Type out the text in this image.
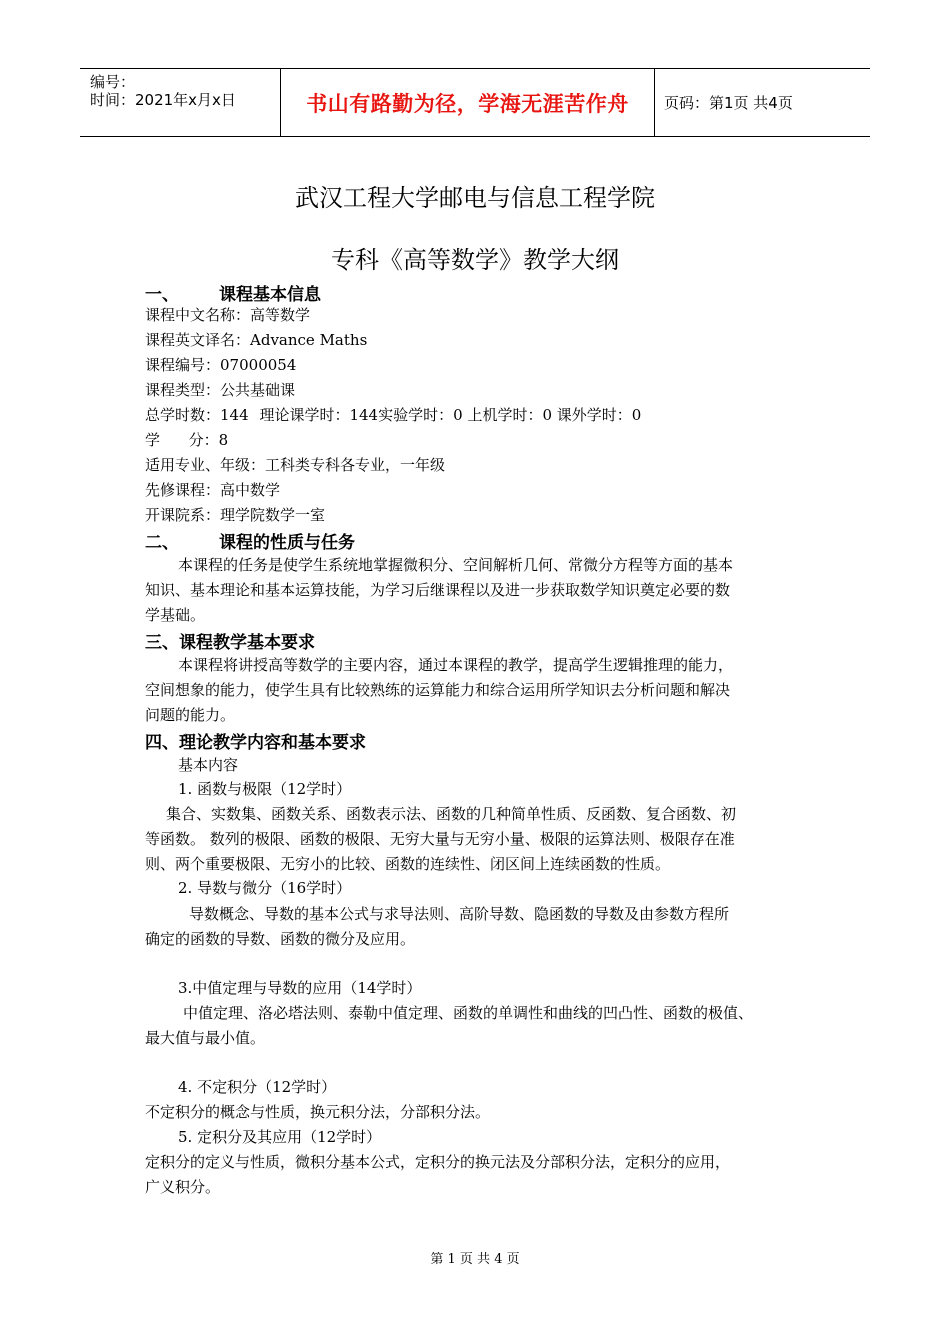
编号：
时间：2021年x月x日	书山有路勤为径，学海无涯苦作舟	页码：第1页 共4页
武汉工程大学邮电与信息工程学院
专科《高等数学》教学大纲
一、 课程基本信息
课程中文名称：高等数学
课程英文译名：Advance Maths
课程编号：07000054
课程类型：公共基础课
总学时数：144 理论课学时：144实验学时：0 上机学时：0 课外学时：0
学      分：8
适用专业、年级：工科类专科各专业，一年级
先修课程：高中数学
开课院系：理学院数学一室
二、 课程的性质与任务
本课程的任务是使学生系统地掌握微积分、空间解析几何、常微分方程等方面的基本
知识、基本理论和基本运算技能，为学习后继课程以及进一步获取数学知识奠定必要的数
学基础。
三、课程教学基本要求
本课程将讲授高等数学的主要内容，通过本课程的教学，提高学生逻辑推理的能力，
空间想象的能力，使学生具有比较熟练的运算能力和综合运用所学知识去分析问题和解决
问题的能力。
四、理论教学内容和基本要求
基本内容
1. 函数与极限（12学时）
集合、实数集、函数关系、函数表示法、函数的几种简单性质、反函数、复合函数、初
等函数。 数列的极限、函数的极限、无穷大量与无穷小量、极限的运算法则、极限存在准
则、两个重要极限、无穷小的比较、函数的连续性、闭区间上连续函数的性质。
2. 导数与微分（16学时）
导数概念、导数的基本公式与求导法则、高阶导数、隐函数的导数及由参数方程所
确定的函数的导数、函数的微分及应用。
3.中值定理与导数的应用（14学时）
中值定理、洛必塔法则、泰勒中值定理、函数的单调性和曲线的凹凸性、函数的极值、
最大值与最小值。
4. 不定积分（12学时）
不定积分的概念与性质，换元积分法，分部积分法。
5. 定积分及其应用（12学时）
定积分的定义与性质，微积分基本公式，定积分的换元法及分部积分法，定积分的应用，
广义积分。
第 1 页 共 4 页
